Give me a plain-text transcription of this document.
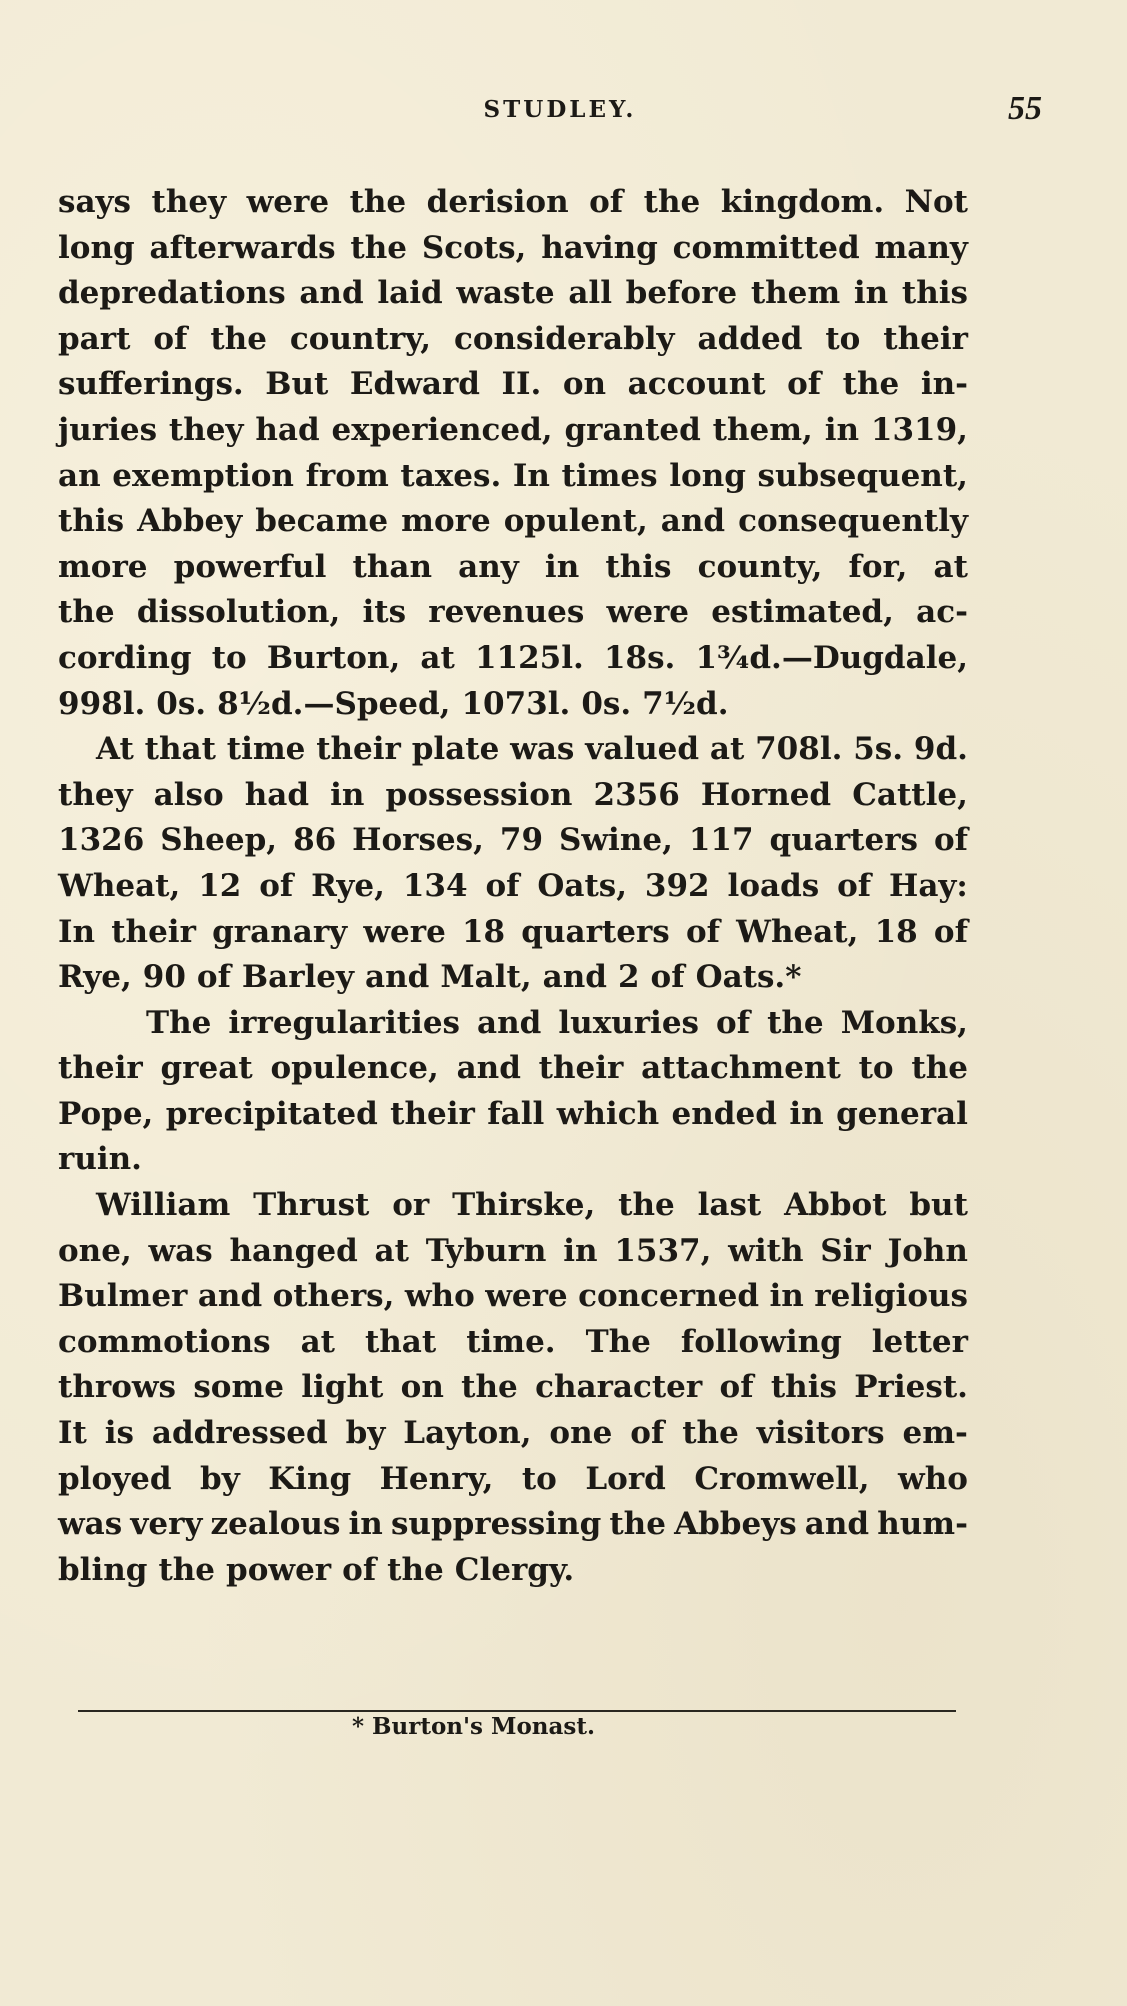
STUDLEY.	55
says they were the derision of the kingdom. Not
long afterwards the Scots, having committed many
depredations and laid waste all before them in this
part of the country, considerably added to their
sufferings. But Edward II. on account of the in-
juries they had experienced, granted them, in 1319,
an exemption from taxes. In times long subsequent,
this Abbey became more opulent, and consequently
more powerful than any in this county, for, at
the dissolution, its revenues were estimated, ac-
cording to Burton, at 1125l. 18s. 1¾d.—Dugdale,
998l. 0s. 8½d.—Speed, 1073l. 0s. 7½d.
At that time their plate was valued at 708l. 5s. 9d.
they also had in possession 2356 Horned Cattle,
1326 Sheep, 86 Horses, 79 Swine, 117 quarters of
Wheat, 12 of Rye, 134 of Oats, 392 loads of Hay:
In their granary were 18 quarters of Wheat, 18 of
Rye, 90 of Barley and Malt, and 2 of Oats.*
The irregularities and luxuries of the Monks,
their great opulence, and their attachment to the
Pope, precipitated their fall which ended in general
ruin.
William Thrust or Thirske, the last Abbot but
one, was hanged at Tyburn in 1537, with Sir John
Bulmer and others, who were concerned in religious
commotions at that time. The following letter
throws some light on the character of this Priest.
It is addressed by Layton, one of the visitors em-
ployed by King Henry, to Lord Cromwell, who
was very zealous in suppressing the Abbeys and hum-
bling the power of the Clergy.
* Burton's Monast.
